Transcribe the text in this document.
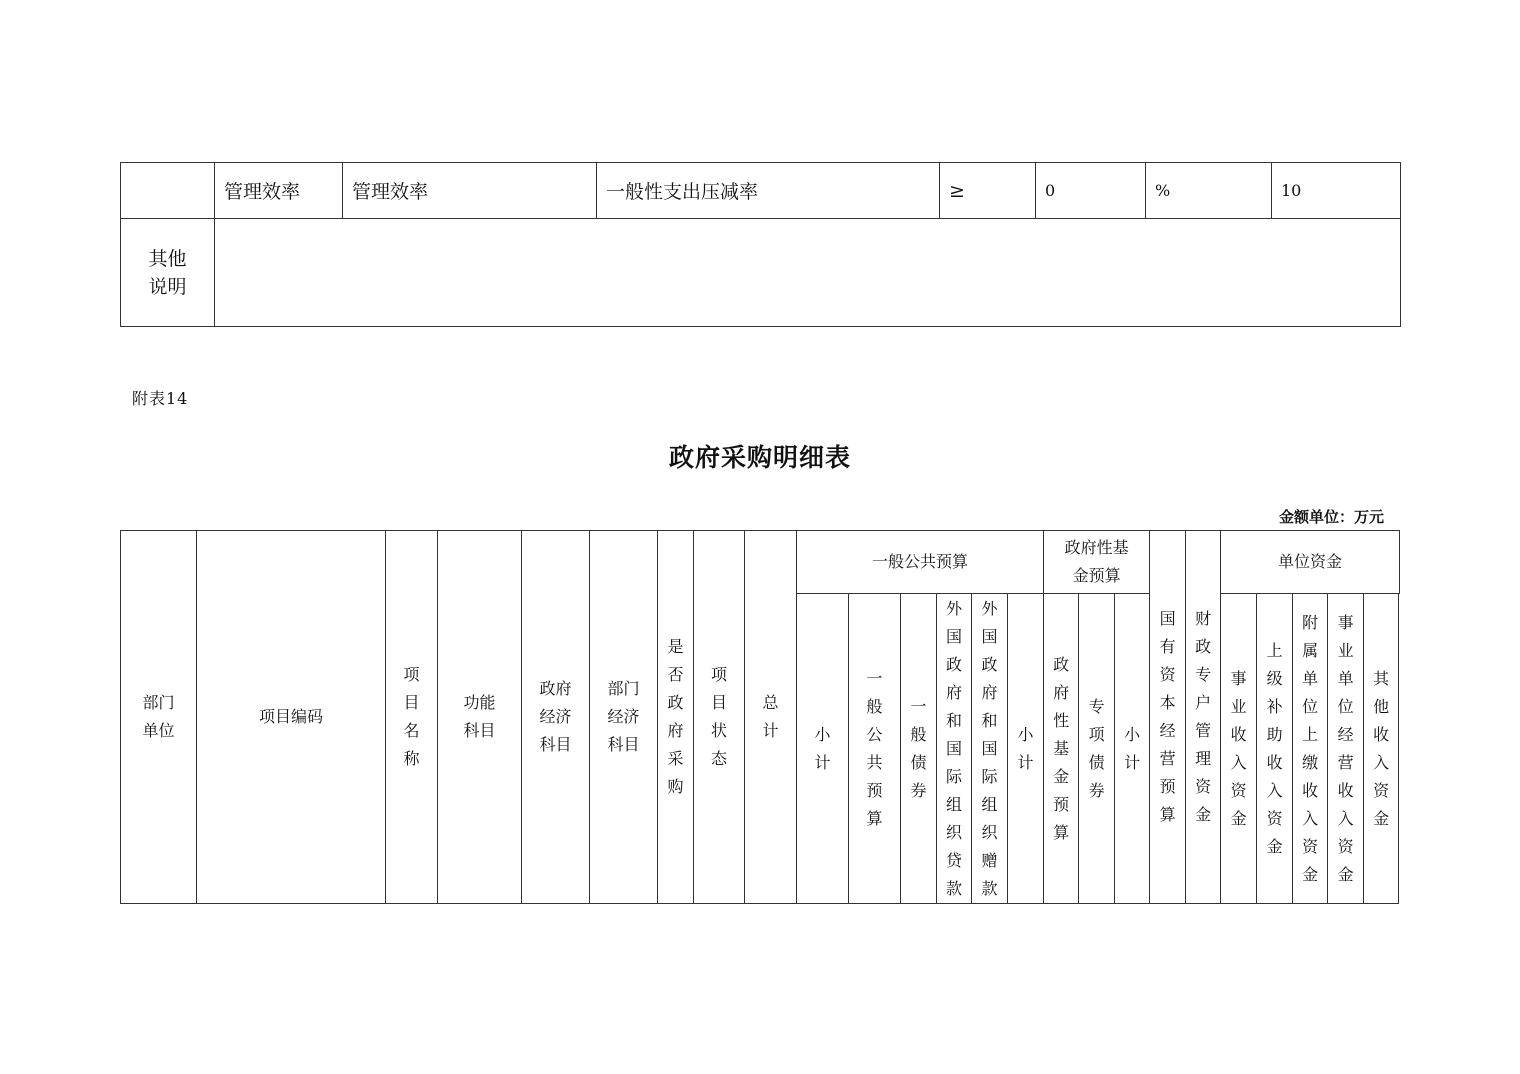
	管理效率	管理效率	一般性支出压减率	≥	0	%	10
其他说明							
附表14
政府采购明细表
金额单位：万元
部门单位	项目编码	项目名称	功能科目	政府经济科目	部门经济科目	是否政府采购	项目状态	总计	一般公共预算						政府性基金预算			国有资本经营预算	财政专户管理资金	单位资金				
									小计	一般公共预算	一般债券	外国政府和国际组织贷款	外国政府和国际组织赠款	小计	政府性基金预算	专项债券	小计			事业收入资金	上级补助收入资金	附属单位上缴收入资金	事业单位经营收入资金	其他收入资金
